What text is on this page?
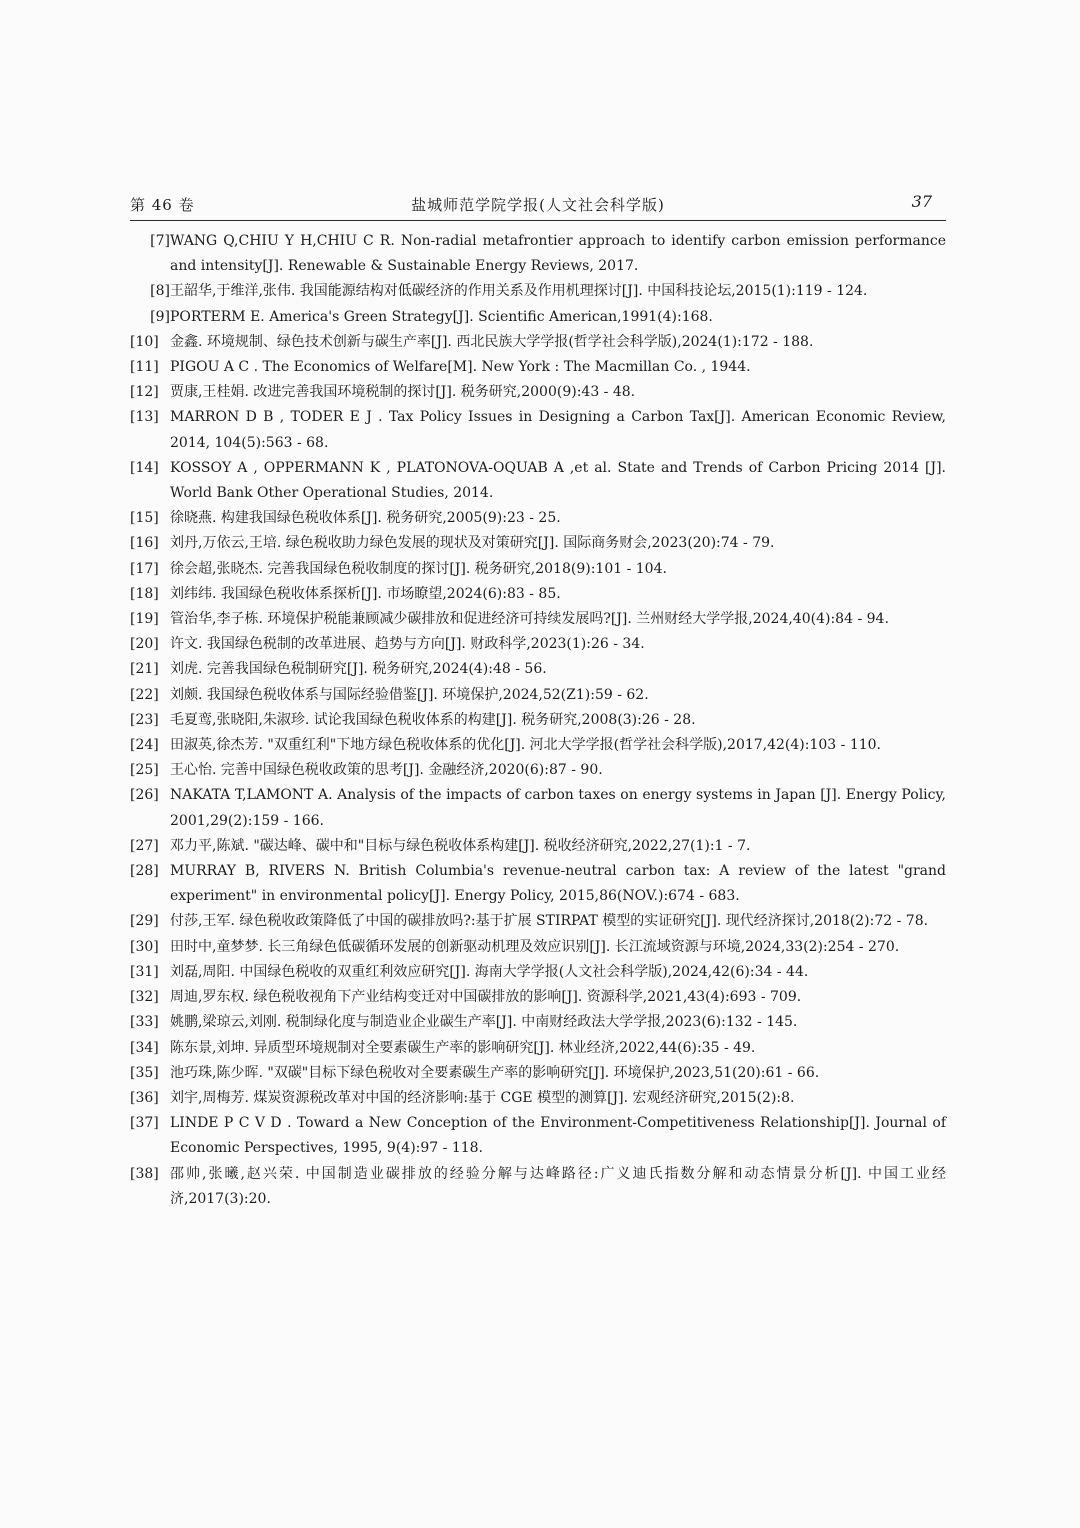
第 46 卷	盐城师范学院学报(人文社会科学版)	37
[7] WANG Q,CHIU Y H,CHIU C R. Non-radial metafrontier approach to identify carbon emission performance and intensity[J]. Renewable & Sustainable Energy Reviews, 2017.
[8] 王韶华,于维洋,张伟. 我国能源结构对低碳经济的作用关系及作用机理探讨[J]. 中国科技论坛,2015(1):119 - 124.
[9] PORTERM E. America's Green Strategy[J]. Scientific American,1991(4):168.
[10] 金鑫. 环境规制、绿色技术创新与碳生产率[J]. 西北民族大学学报(哲学社会科学版),2024(1):172 - 188.
[11] PIGOU A C . The Economics of Welfare[M]. New York : The Macmillan Co. , 1944.
[12] 贾康,王桂娟. 改进完善我国环境税制的探讨[J]. 税务研究,2000(9):43 - 48.
[13] MARRON D B , TODER E J . Tax Policy Issues in Designing a Carbon Tax[J]. American Economic Review, 2014, 104(5):563 - 68.
[14] KOSSOY A , OPPERMANN K , PLATONOVA-OQUAB A ,et al. State and Trends of Carbon Pricing 2014 [J]. World Bank Other Operational Studies, 2014.
[15] 徐晓燕. 构建我国绿色税收体系[J]. 税务研究,2005(9):23 - 25.
[16] 刘丹,万依云,王培. 绿色税收助力绿色发展的现状及对策研究[J]. 国际商务财会,2023(20):74 - 79.
[17] 徐会超,张晓杰. 完善我国绿色税收制度的探讨[J]. 税务研究,2018(9):101 - 104.
[18] 刘纬纬. 我国绿色税收体系探析[J]. 市场瞭望,2024(6):83 - 85.
[19] 管治华,李子栋. 环境保护税能兼顾减少碳排放和促进经济可持续发展吗?[J]. 兰州财经大学学报,2024,40(4):84 - 94.
[20] 许文. 我国绿色税制的改革进展、趋势与方向[J]. 财政科学,2023(1):26 - 34.
[21] 刘虎. 完善我国绿色税制研究[J]. 税务研究,2024(4):48 - 56.
[22] 刘颇. 我国绿色税收体系与国际经验借鉴[J]. 环境保护,2024,52(Z1):59 - 62.
[23] 毛夏鸾,张晓阳,朱淑珍. 试论我国绿色税收体系的构建[J]. 税务研究,2008(3):26 - 28.
[24] 田淑英,徐杰芳. "双重红利"下地方绿色税收体系的优化[J]. 河北大学学报(哲学社会科学版),2017,42(4):103 - 110.
[25] 王心怡. 完善中国绿色税收政策的思考[J]. 金融经济,2020(6):87 - 90.
[26] NAKATA T,LAMONT A. Analysis of the impacts of carbon taxes on energy systems in Japan [J]. Energy Policy, 2001,29(2):159 - 166.
[27] 邓力平,陈斌. "碳达峰、碳中和"目标与绿色税收体系构建[J]. 税收经济研究,2022,27(1):1 - 7.
[28] MURRAY B, RIVERS N. British Columbia's revenue-neutral carbon tax: A review of the latest "grand experiment" in environmental policy[J]. Energy Policy, 2015,86(NOV.):674 - 683.
[29] 付莎,王军. 绿色税收政策降低了中国的碳排放吗?:基于扩展 STIRPAT 模型的实证研究[J]. 现代经济探讨,2018(2):72 - 78.
[30] 田时中,童梦梦. 长三角绿色低碳循环发展的创新驱动机理及效应识别[J]. 长江流域资源与环境,2024,33(2):254 - 270.
[31] 刘磊,周阳. 中国绿色税收的双重红利效应研究[J]. 海南大学学报(人文社会科学版),2024,42(6):34 - 44.
[32] 周迪,罗东权. 绿色税收视角下产业结构变迁对中国碳排放的影响[J]. 资源科学,2021,43(4):693 - 709.
[33] 姚鹏,梁琼云,刘刚. 税制绿化度与制造业企业碳生产率[J]. 中南财经政法大学学报,2023(6):132 - 145.
[34] 陈东景,刘坤. 异质型环境规制对全要素碳生产率的影响研究[J]. 林业经济,2022,44(6):35 - 49.
[35] 池巧珠,陈少晖. "双碳"目标下绿色税收对全要素碳生产率的影响研究[J]. 环境保护,2023,51(20):61 - 66.
[36] 刘宇,周梅芳. 煤炭资源税改革对中国的经济影响:基于 CGE 模型的测算[J]. 宏观经济研究,2015(2):8.
[37] LINDE P C V D . Toward a New Conception of the Environment-Competitiveness Relationship[J]. Journal of Economic Perspectives, 1995, 9(4):97 - 118.
[38] 邵帅,张曦,赵兴荣. 中国制造业碳排放的经验分解与达峰路径:广义迪氏指数分解和动态情景分析[J]. 中国工业经济,2017(3):20.
